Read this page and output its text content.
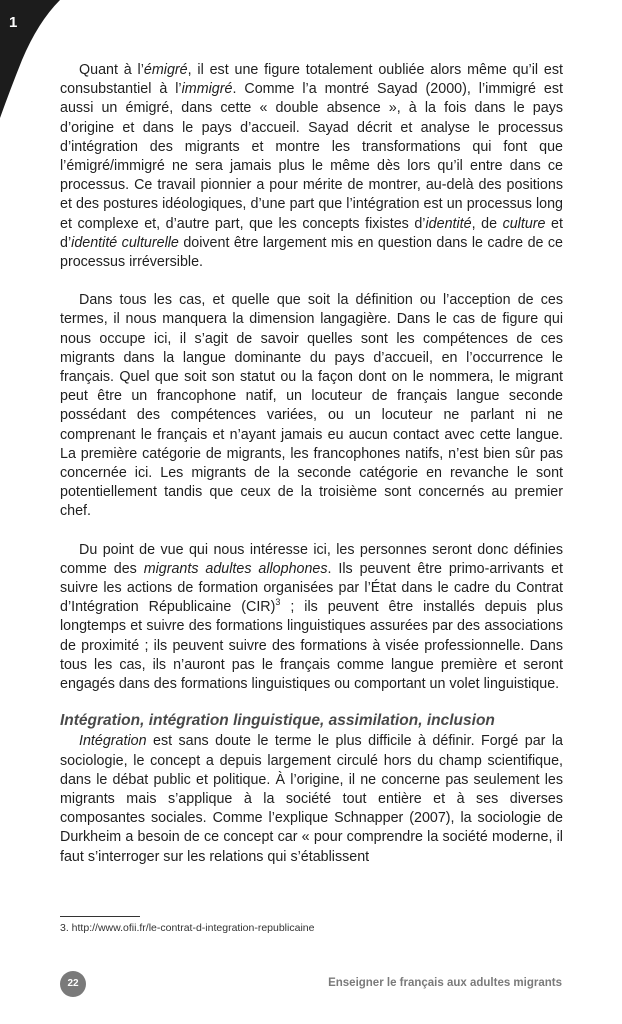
1

Quant à l’émigré, il est une figure totalement oubliée alors même qu’il est consubstantiel à l’immigré. Comme l’a montré Sayad (2000), l’immigré est aussi un émigré, dans cette « double absence », à la fois dans le pays d’origine et dans le pays d’accueil. Sayad décrit et analyse le processus d’intégration des migrants et montre les transformations qui font que l’émigré/immigré ne sera jamais plus le même dès lors qu’il entre dans ce processus. Ce travail pionnier a pour mérite de montrer, au-delà des positions et des postures idéologiques, d’une part que l’intégration est un processus long et complexe et, d’autre part, que les concepts fixistes d’identité, de culture et d’identité culturelle doivent être largement mis en question dans le cadre de ce processus irréversible.

Dans tous les cas, et quelle que soit la définition ou l’acception de ces termes, il nous manquera la dimension langagière. Dans le cas de figure qui nous occupe ici, il s’agit de savoir quelles sont les compétences de ces migrants dans la langue dominante du pays d’accueil, en l’occurrence le français. Quel que soit son statut ou la façon dont on le nommera, le migrant peut être un francophone natif, un locuteur de français langue seconde possédant des compétences variées, ou un locuteur ne parlant ni ne comprenant le français et n’ayant jamais eu aucun contact avec cette langue. La première catégorie de migrants, les francophones natifs, n’est bien sûr pas concernée ici. Les migrants de la seconde catégorie en revanche le sont potentiellement tandis que ceux de la troisième sont concernés au premier chef.

Du point de vue qui nous intéresse ici, les personnes seront donc définies comme des migrants adultes allophones. Ils peuvent être primo-arrivants et suivre les actions de formation organisées par l’État dans le cadre du Contrat d’Intégration Républicaine (CIR)$^3$ ; ils peuvent être installés depuis plus longtemps et suivre des formations linguistiques assurées par des associations de proximité ; ils peuvent suivre des formations à visée professionnelle. Dans tous les cas, ils n’auront pas le français comme langue première et seront engagés dans des formations linguistiques ou comportant un volet linguistique.

Intégration, intégration linguistique, assimilation, inclusion

Intégration est sans doute le terme le plus difficile à définir. Forgé par la sociologie, le concept a depuis largement circulé hors du champ scientifique, dans le débat public et politique. À l’origine, il ne concerne pas seulement les migrants mais s’applique à la société tout entière et à ses diverses composantes sociales. Comme l’explique Schnapper (2007), la sociologie de Durkheim a besoin de ce concept car « pour comprendre la société moderne, il faut s’interroger sur les relations qui s’établissent

3. http://www.ofii.fr/le-contrat-d-integration-republicaine
22	Enseigner le français aux adultes migrants
